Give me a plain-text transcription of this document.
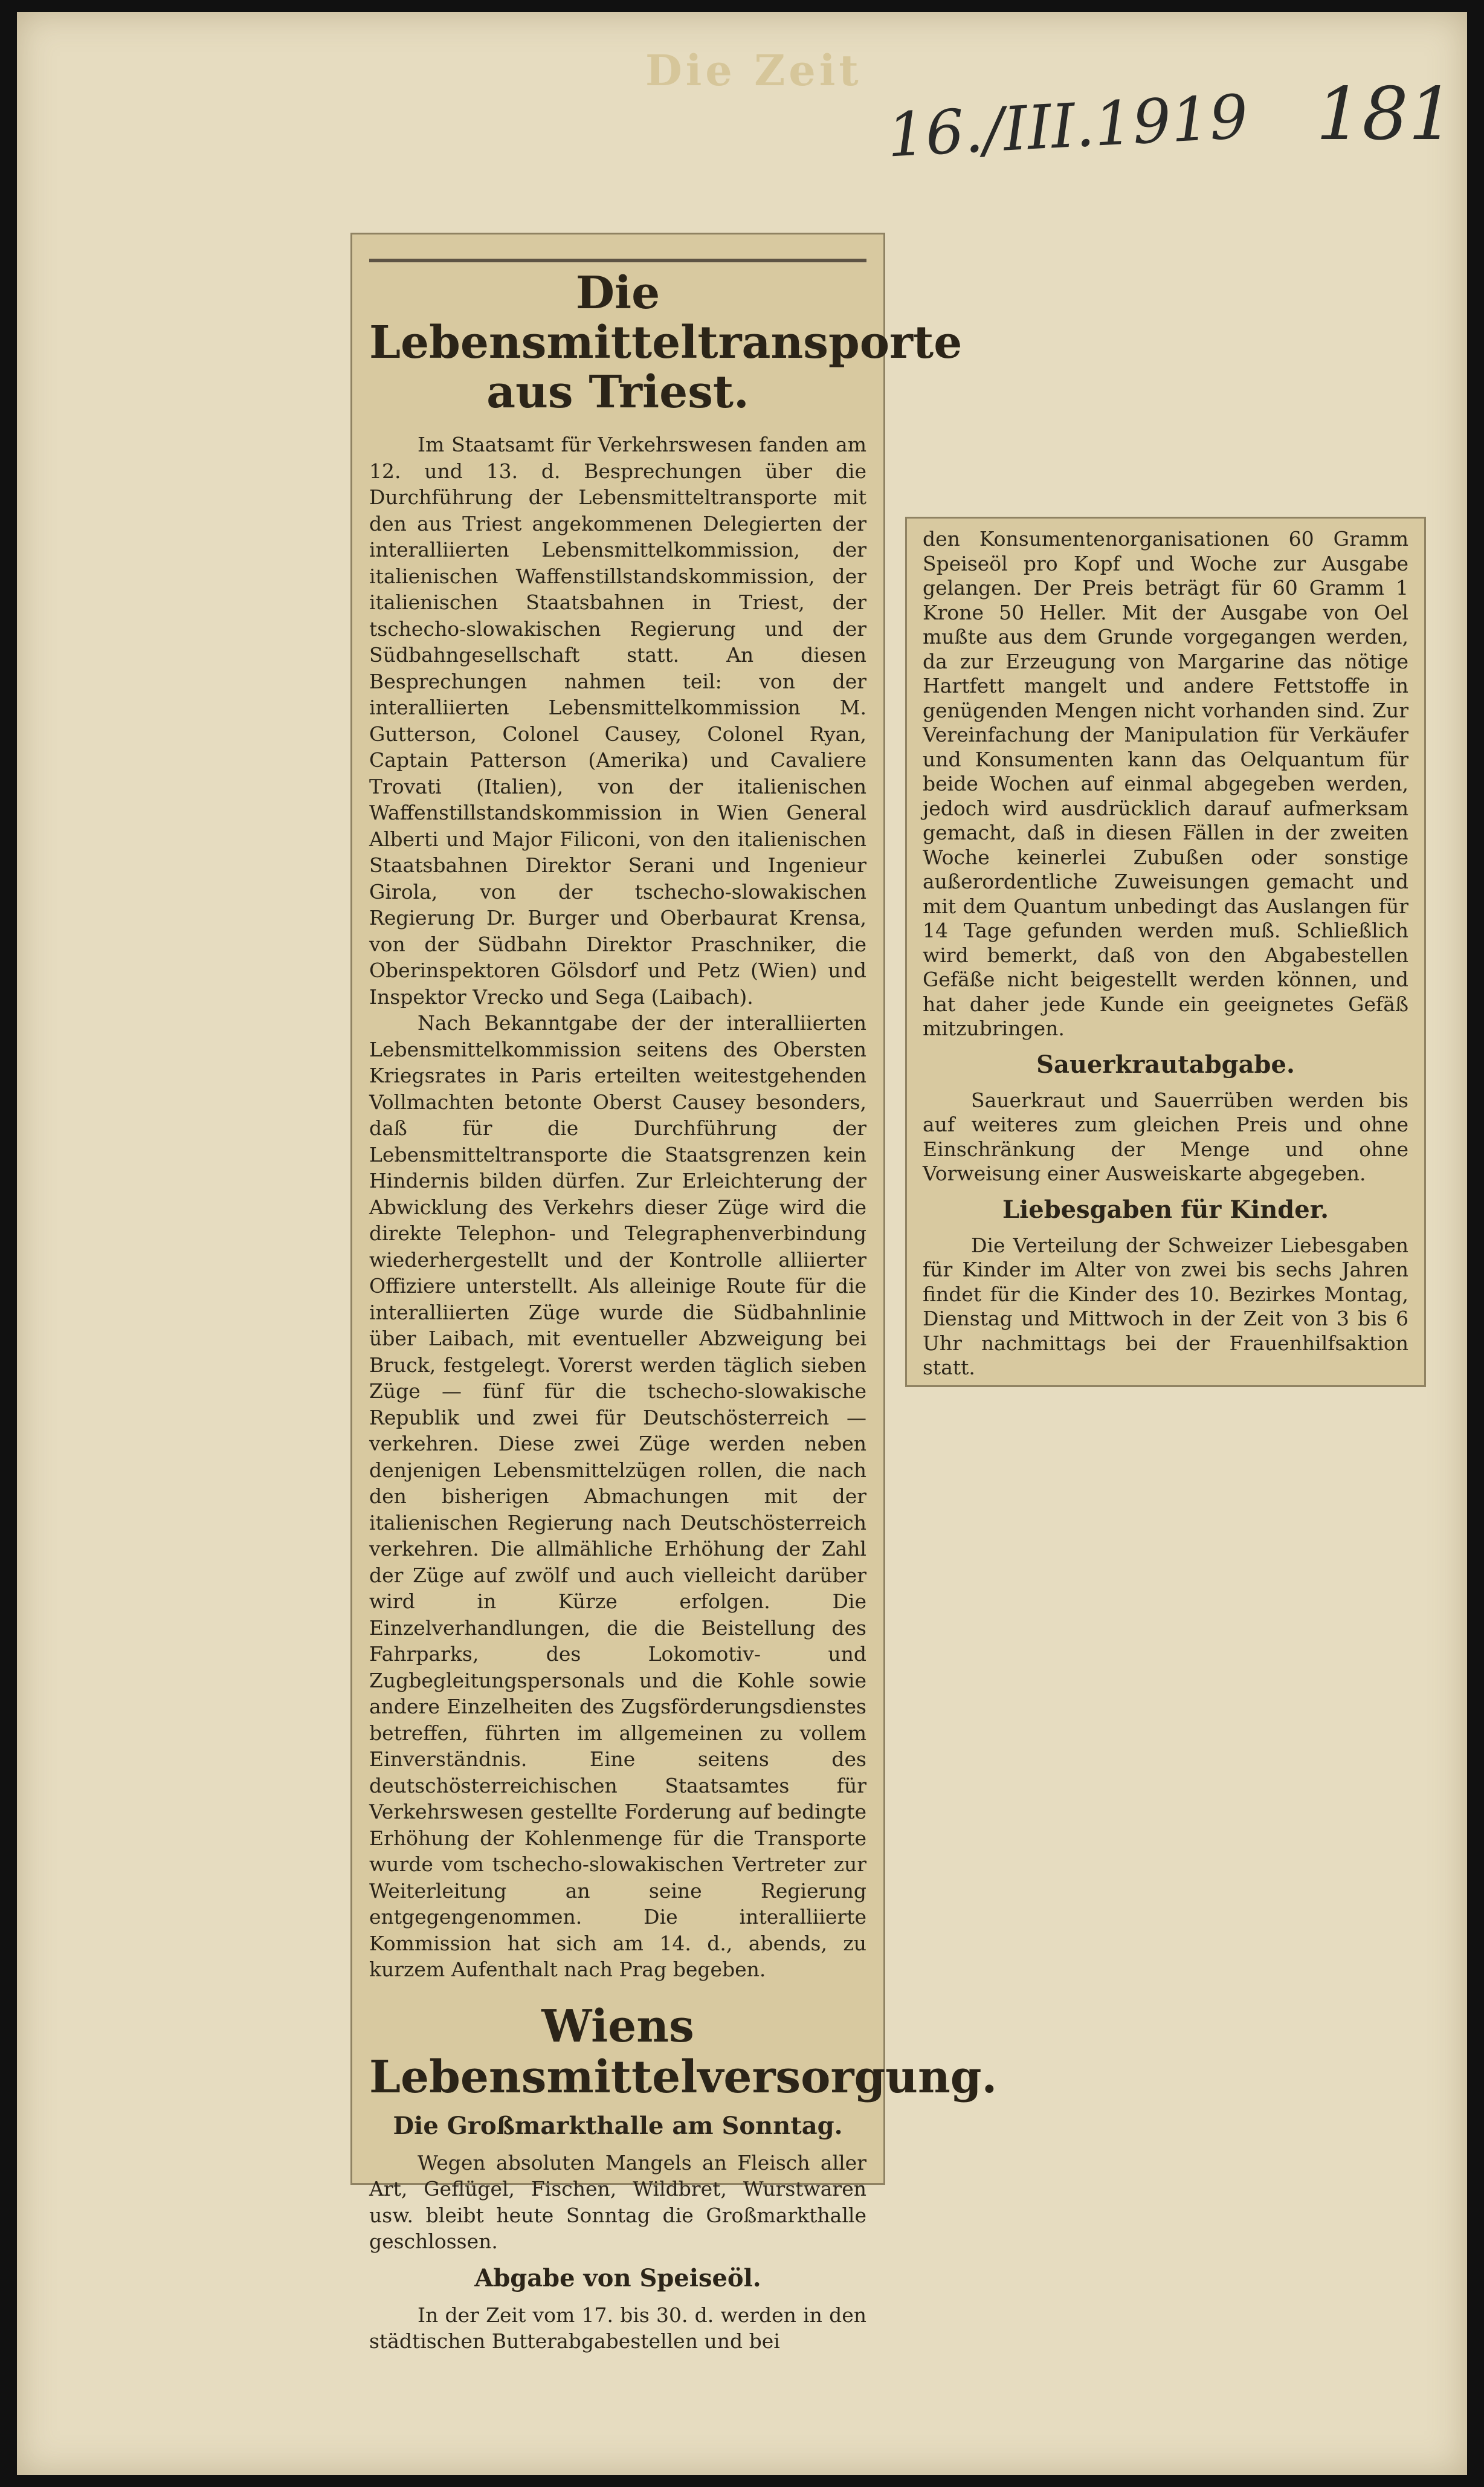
Die Zeit
16./III.1919 181
Die Lebensmitteltransporte aus Triest.

Im Staatsamt für Verkehrswesen fanden am 12. und 13. d. Besprechungen über die Durchführung der Lebensmitteltransporte mit den aus Triest angekommenen Delegierten der interalliierten Lebensmittelkommission, der italienischen Waffenstillstandskommission, der italienischen Staatsbahnen in Triest, der tschecho-slowakischen Regierung und der Südbahngesellschaft statt. An diesen Besprechungen nahmen teil: von der interalliierten Lebensmittelkommission M. Gutterson, Colonel Causey, Colonel Ryan, Captain Patterson (Amerika) und Cavaliere Trovati (Italien), von der italienischen Waffenstillstandskommission in Wien General Alberti und Major Filiconi, von den italienischen Staatsbahnen Direktor Serani und Ingenieur Girola, von der tschecho-slowakischen Regierung Dr. Burger und Oberbaurat Krensa, von der Südbahn Direktor Praschniker, die Oberinspektoren Gölsdorf und Petz (Wien) und Inspektor Vrecko und Sega (Laibach).

Nach Bekanntgabe der der interalliierten Lebensmittelkommission seitens des Obersten Kriegsrates in Paris erteilten weitestgehenden Vollmachten betonte Oberst Causey besonders, daß für die Durchführung der Lebensmitteltransporte die Staatsgrenzen kein Hindernis bilden dürfen. Zur Erleichterung der Abwicklung des Verkehrs dieser Züge wird die direkte Telephon- und Telegraphenverbindung wiederhergestellt und der Kontrolle alliierter Offiziere unterstellt. Als alleinige Route für die interalliierten Züge wurde die Südbahnlinie über Laibach, mit eventueller Abzweigung bei Bruck, festgelegt. Vorerst werden täglich sieben Züge — fünf für die tschecho-slowakische Republik und zwei für Deutschösterreich — verkehren. Diese zwei Züge werden neben denjenigen Lebensmittelzügen rollen, die nach den bisherigen Abmachungen mit der italienischen Regierung nach Deutschösterreich verkehren. Die allmähliche Erhöhung der Zahl der Züge auf zwölf und auch vielleicht darüber wird in Kürze erfolgen. Die Einzelverhandlungen, die die Beistellung des Fahrparks, des Lokomotiv- und Zugbegleitungspersonals und die Kohle sowie andere Einzelheiten des Zugsförderungsdienstes betreffen, führten im allgemeinen zu vollem Einverständnis. Eine seitens des deutschösterreichischen Staatsamtes für Verkehrswesen gestellte Forderung auf bedingte Erhöhung der Kohlenmenge für die Transporte wurde vom tschecho-slowakischen Vertreter zur Weiterleitung an seine Regierung entgegengenommen. Die interalliierte Kommission hat sich am 14. d., abends, zu kurzem Aufenthalt nach Prag begeben.

Wiens Lebensmittelversorgung.
Die Großmarkthalle am Sonntag.

Wegen absoluten Mangels an Fleisch aller Art, Geflügel, Fischen, Wildbret, Wurstwaren usw. bleibt heute Sonntag die Großmarkthalle geschlossen.

Abgabe von Speiseöl.

In der Zeit vom 17. bis 30. d. werden in den städtischen Butterabgabestellen und bei

den Konsumentenorganisationen 60 Gramm Speiseöl pro Kopf und Woche zur Ausgabe gelangen. Der Preis beträgt für 60 Gramm 1 Krone 50 Heller. Mit der Ausgabe von Oel mußte aus dem Grunde vorgegangen werden, da zur Erzeugung von Margarine das nötige Hartfett mangelt und andere Fettstoffe in genügenden Mengen nicht vorhanden sind. Zur Vereinfachung der Manipulation für Verkäufer und Konsumenten kann das Oelquantum für beide Wochen auf einmal abgegeben werden, jedoch wird ausdrücklich darauf aufmerksam gemacht, daß in diesen Fällen in der zweiten Woche keinerlei Zubußen oder sonstige außerordentliche Zuweisungen gemacht und mit dem Quantum unbedingt das Auslangen für 14 Tage gefunden werden muß. Schließlich wird bemerkt, daß von den Abgabestellen Gefäße nicht beigestellt werden können, und hat daher jede Kunde ein geeignetes Gefäß mitzubringen.

Sauerkrautabgabe.

Sauerkraut und Sauerrüben werden bis auf weiteres zum gleichen Preis und ohne Einschränkung der Menge und ohne Vorweisung einer Ausweiskarte abgegeben.

Liebesgaben für Kinder.

Die Verteilung der Schweizer Liebesgaben für Kinder im Alter von zwei bis sechs Jahren findet für die Kinder des 10. Bezirkes Montag, Dienstag und Mittwoch in der Zeit von 3 bis 6 Uhr nachmittags bei der Frauenhilfsaktion statt.
